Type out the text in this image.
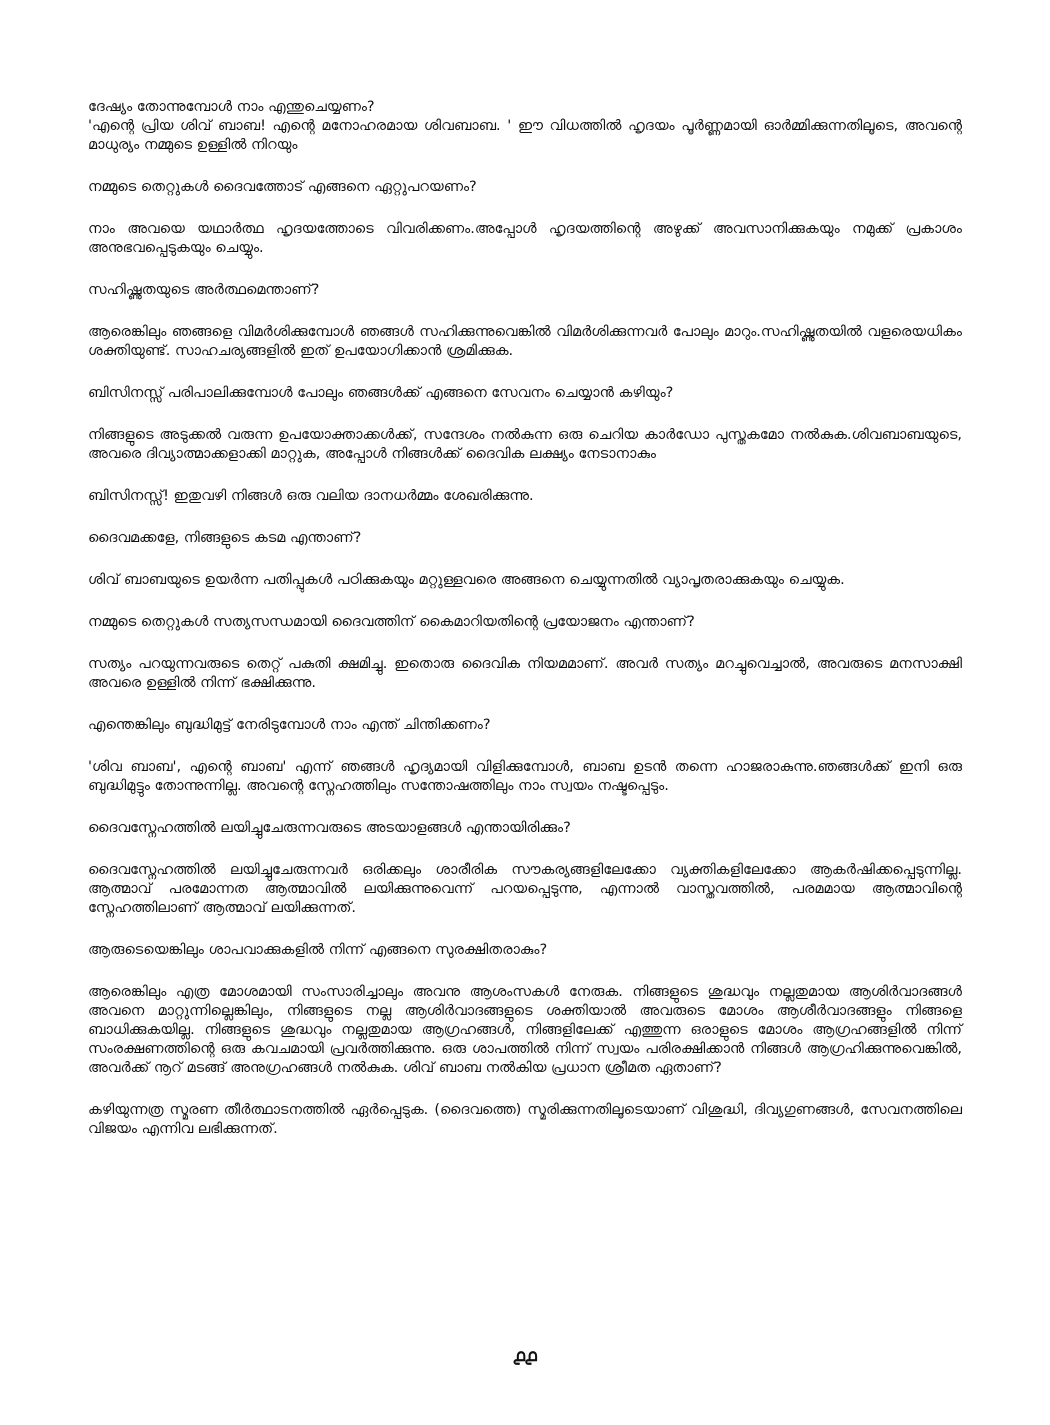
ദേഷ്യം തോന്നുമ്പോൾ നാം എന്തുചെയ്യണം?

'എന്റെ പ്രിയ ശിവ് ബാബ! എന്റെ മനോഹരമായ ശിവബാബ. ' ഈ വിധത്തിൽ ഹൃദയം പൂർണ്ണമായി ഓർമ്മിക്കുന്നതിലൂടെ, അവന്റെ മാധുര്യം നമ്മുടെ ഉള്ളിൽ നിറയും

നമ്മുടെ തെറ്റുകൾ ദൈവത്തോട് എങ്ങനെ ഏറ്റുപറയണം?

നാം അവയെ യഥാർത്ഥ ഹൃദയത്തോടെ വിവരിക്കണം.അപ്പോൾ ഹൃദയത്തിന്റെ അഴുക്ക് അവസാനിക്കുകയും നമുക്ക് പ്രകാശം അനുഭവപ്പെടുകയും ചെയ്യും.

സഹിഷ്ണുതയുടെ അർത്ഥമെന്താണ്?

ആരെങ്കിലും ഞങ്ങളെ വിമർശിക്കുമ്പോൾ ഞങ്ങൾ സഹിക്കുന്നുവെങ്കിൽ വിമർശിക്കുന്നവർ പോലും മാറും.സഹിഷ്ണുതയിൽ വളരെയധികം ശക്തിയുണ്ട്. സാഹചര്യങ്ങളിൽ ഇത് ഉപയോഗിക്കാൻ ശ്രമിക്കുക.

ബിസിനസ്സ് പരിപാലിക്കുമ്പോൾ പോലും ഞങ്ങൾക്ക് എങ്ങനെ സേവനം ചെയ്യാൻ കഴിയും?

നിങ്ങളുടെ അടുക്കൽ വരുന്ന ഉപയോക്താക്കൾക്ക്, സന്ദേശം നൽകുന്ന ഒരു ചെറിയ കാർഡോ പുസ്തകമോ നൽകുക.ശിവബാബയുടെ, അവരെ ദിവ്യാത്മാക്കളാക്കി മാറ്റുക, അപ്പോൾ നിങ്ങൾക്ക് ദൈവിക ലക്ഷ്യം നേടാനാകും

ബിസിനസ്സ്! ഇതുവഴി നിങ്ങൾ ഒരു വലിയ ദാനധർമ്മം ശേഖരിക്കുന്നു.

ദൈവമക്കളേ, നിങ്ങളുടെ കടമ എന്താണ്?

ശിവ് ബാബയുടെ ഉയർന്ന പതിപ്പുകൾ പഠിക്കുകയും മറ്റുള്ളവരെ അങ്ങനെ ചെയ്യുന്നതിൽ വ്യാപൃതരാക്കുകയും ചെയ്യുക.

നമ്മുടെ തെറ്റുകൾ സത്യസന്ധമായി ദൈവത്തിന് കൈമാറിയതിന്റെ പ്രയോജനം എന്താണ്?

സത്യം പറയുന്നവരുടെ തെറ്റ് പകുതി ക്ഷമിച്ചു. ഇതൊരു ദൈവിക നിയമമാണ്. അവർ സത്യം മറച്ചുവെച്ചാൽ, അവരുടെ മനസാക്ഷി അവരെ ഉള്ളിൽ നിന്ന് ഭക്ഷിക്കുന്നു.

എന്തെങ്കിലും ബുദ്ധിമുട്ട് നേരിടുമ്പോൾ നാം എന്ത് ചിന്തിക്കണം?

'ശിവ ബാബ', എന്റെ ബാബ' എന്ന് ഞങ്ങൾ ഹൃദ്യമായി വിളിക്കുമ്പോൾ, ബാബ ഉടൻ തന്നെ ഹാജരാകുന്നു.ഞങ്ങൾക്ക് ഇനി ഒരു ബുദ്ധിമുട്ടും തോന്നുന്നില്ല. അവന്റെ സ്നേഹത്തിലും സന്തോഷത്തിലും നാം സ്വയം നഷ്ടപ്പെടും.

ദൈവസ്നേഹത്തിൽ ലയിച്ചുചേരുന്നവരുടെ അടയാളങ്ങൾ എന്തായിരിക്കും?

ദൈവസ്നേഹത്തിൽ ലയിച്ചുചേരുന്നവർ ഒരിക്കലും ശാരീരിക സൗകര്യങ്ങളിലേക്കോ വ്യക്തികളിലേക്കോ ആകർഷിക്കപ്പെടുന്നില്ല. ആത്മാവ് പരമോന്നത ആത്മാവിൽ ലയിക്കുന്നുവെന്ന് പറയപ്പെടുന്നു, എന്നാൽ വാസ്തവത്തിൽ, പരമമായ ആത്മാവിന്റെ സ്നേഹത്തിലാണ് ആത്മാവ് ലയിക്കുന്നത്.

ആരുടെയെങ്കിലും ശാപവാക്കുകളിൽ നിന്ന് എങ്ങനെ സുരക്ഷിതരാകും?

ആരെങ്കിലും എത്ര മോശമായി സംസാരിച്ചാലും അവനു ആശംസകൾ നേരുക. നിങ്ങളുടെ ശുദ്ധവും നല്ലതുമായ ആശിർവാദങ്ങൾ അവനെ മാറ്റുന്നില്ലെങ്കിലും, നിങ്ങളുടെ നല്ല ആശിർവാദങ്ങളുടെ ശക്തിയാൽ അവരുടെ മോശം ആശീർവാദങ്ങളും നിങ്ങളെ ബാധിക്കുകയില്ല. നിങ്ങളുടെ ശുദ്ധവും നല്ലതുമായ ആഗ്രഹങ്ങൾ, നിങ്ങളിലേക്ക് എത്തുന്ന ഒരാളുടെ മോശം ആഗ്രഹങ്ങളിൽ നിന്ന് സംരക്ഷണത്തിന്റെ ഒരു കവചമായി പ്രവർത്തിക്കുന്നു. ഒരു ശാപത്തിൽ നിന്ന് സ്വയം പരിരക്ഷിക്കാൻ നിങ്ങൾ ആഗ്രഹിക്കുന്നുവെങ്കിൽ, അവർക്ക് നൂറ് മടങ്ങ് അനുഗ്രഹങ്ങൾ നൽകുക. ശിവ് ബാബ നൽകിയ പ്രധാന ശ്രീമത ഏതാണ്?

കഴിയുന്നത്ര സ്മരണ തീർത്ഥാടനത്തിൽ ഏർപ്പെടുക. (ദൈവത്തെ) സ്മരിക്കുന്നതിലൂടെയാണ് വിശുദ്ധി, ദിവ്യഗുണങ്ങൾ, സേവനത്തിലെ വിജയം എന്നിവ ലഭിക്കുന്നത്.

൧൧
